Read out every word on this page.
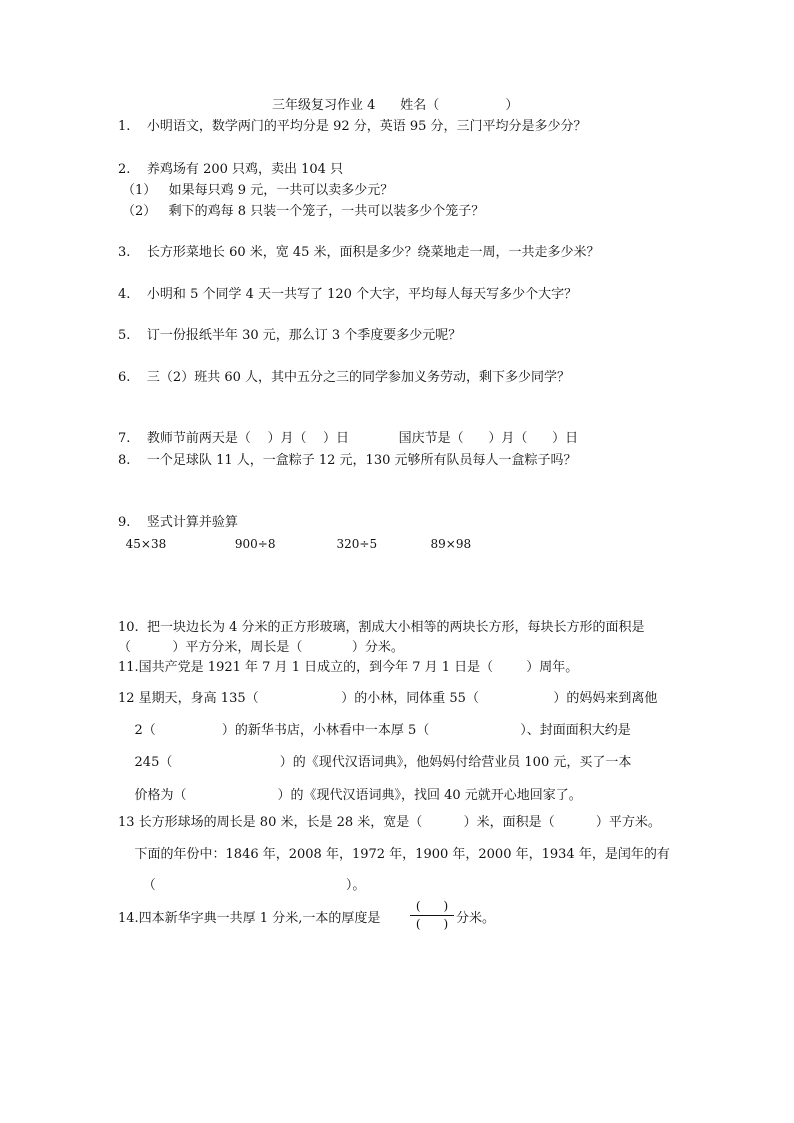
三年级复习作业 4      姓名（                ）
1.    小明语文，数学两门的平均分是 92 分，英语 95 分，三门平均分是多少分？
2.    养鸡场有 200 只鸡，卖出 104 只
（1）   如果每只鸡 9 元，一共可以卖多少元？
（2）   剩下的鸡每 8 只装一个笼子，一共可以装多少个笼子？
3.    长方形菜地长 60 米，宽 45 米，面积是多少？绕菜地走一周，一共走多少米？
4.    小明和 5 个同学 4 天一共写了 120 个大字，平均每人每天写多少个大字？
5.    订一份报纸半年 30 元，那么订 3 个季度要多少元呢？
6.    三（2）班共 60 人，其中五分之三的同学参加义务劳动，剩下多少同学？
7.    教师节前两天是（    ）月（    ）日            国庆节是（      ）月（      ）日
8.    一个足球队 11 人，一盒粽子 12 元，130 元够所有队员每人一盒粽子吗？
9.    竖式计算并验算
45×38                  900÷8                320÷5              89×98
10.  把一块边长为 4 分米的正方形玻璃，割成大小相等的两块长方形，每块长方形的面积是
（          ）平方分米，周长是（            ）分米。
11.国共产党是 1921 年 7 月 1 日成立的，到今年 7 月 1 日是（        ）周年。
12 星期天，身高 135（                    ）的小林，同体重 55（                  ）的妈妈来到离他
2（                ）的新华书店，小林看中一本厚 5（                      ）、封面面积大约是
245（                          ）的《现代汉语词典》，他妈妈付给营业员 100 元，买了一本
价格为（                      ）的《现代汉语词典》，找回 40 元就开心地回家了。
13 长方形球场的周长是 80 米，长是 28 米，宽是（          ）米，面积是（          ）平方米。
下面的年份中：1846 年，2008 年，1972 年，1900 年，2000 年，1934 年，是闰年的有
（                                              ）。
14.四本新华字典一共厚 1 分米,一本的厚度是
(      )
(      ) 分米。
